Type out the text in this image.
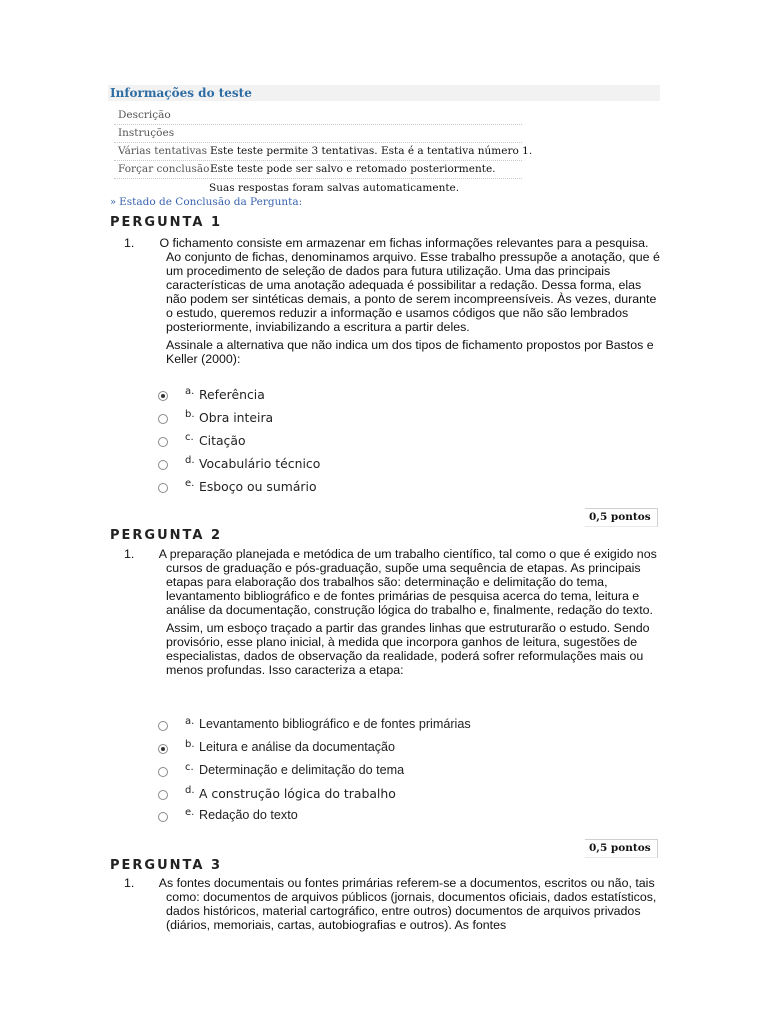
Informações do teste
Descrição
Instruções
Várias tentativas Este teste permite 3 tentativas. Esta é a tentativa número 1.
Forçar conclusão Este teste pode ser salvo e retomado posteriormente.
Suas respostas foram salvas automaticamente.
» Estado de Conclusão da Pergunta:
PERGUNTA 1
1. O fichamento consiste em armazenar em fichas informações relevantes para a pesquisa. Ao conjunto de fichas, denominamos arquivo. Esse trabalho pressupõe a anotação, que é um procedimento de seleção de dados para futura utilização. Uma das principais características de uma anotação adequada é possibilitar a redação. Dessa forma, elas não podem ser sintéticas demais, a ponto de serem incompreensíveis. Às vezes, durante o estudo, queremos reduzir a informação e usamos códigos que não são lembrados posteriormente, inviabilizando a escritura a partir deles.
Assinale a alternativa que não indica um dos tipos de fichamento propostos por Bastos e Keller (2000):
a. Referência
b. Obra inteira
c. Citação
d. Vocabulário técnico
e. Esboço ou sumário
0,5 pontos
PERGUNTA 2
1. A preparação planejada e metódica de um trabalho científico, tal como o que é exigido nos cursos de graduação e pós-graduação, supõe uma sequência de etapas. As principais etapas para elaboração dos trabalhos são: determinação e delimitação do tema, levantamento bibliográfico e de fontes primárias de pesquisa acerca do tema, leitura e análise da documentação, construção lógica do trabalho e, finalmente, redação do texto.
Assim, um esboço traçado a partir das grandes linhas que estruturarão o estudo. Sendo provisório, esse plano inicial, à medida que incorpora ganhos de leitura, sugestões de especialistas, dados de observação da realidade, poderá sofrer reformulações mais ou menos profundas. Isso caracteriza a etapa:
a. Levantamento bibliográfico e de fontes primárias
b. Leitura e análise da documentação
c. Determinação e delimitação do tema
d. A construção lógica do trabalho
e. Redação do texto
0,5 pontos
PERGUNTA 3
1. As fontes documentais ou fontes primárias referem-se a documentos, escritos ou não, tais como: documentos de arquivos públicos (jornais, documentos oficiais, dados estatísticos, dados históricos, material cartográfico, entre outros) documentos de arquivos privados (diários, memoriais, cartas, autobiografias e outros). As fontes
